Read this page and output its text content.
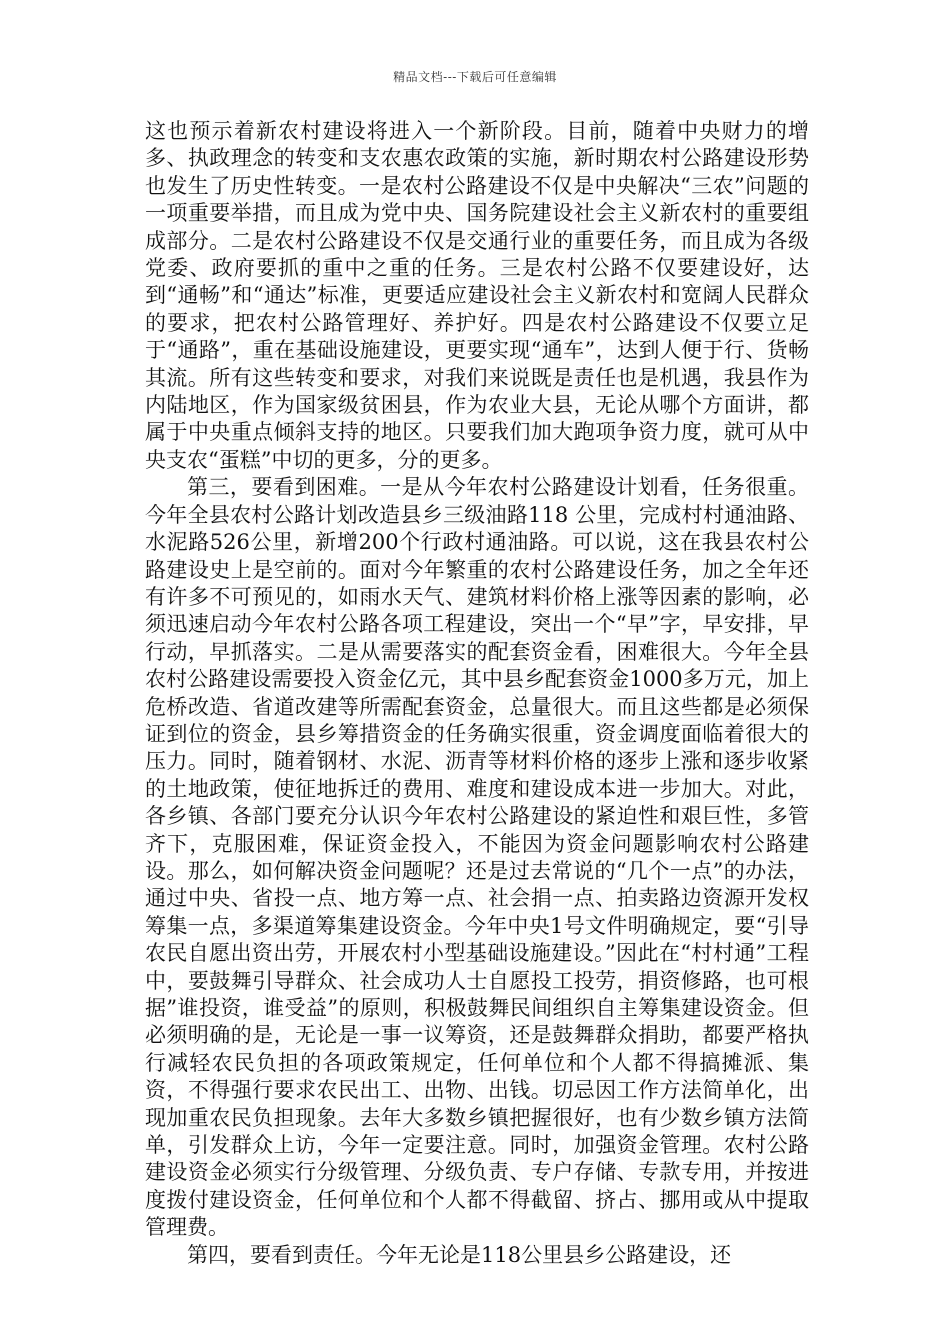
精品文档---下载后可任意编辑

这也预示着新农村建设将进入一个新阶段。目前，随着中央财力的增多、执政理念的转变和支农惠农政策的实施，新时期农村公路建设形势也发生了历史性转变。一是农村公路建设不仅是中央解决“三农”问题的一项重要举措，而且成为党中央、国务院建设社会主义新农村的重要组成部分。二是农村公路建设不仅是交通行业的重要任务，而且成为各级党委、政府要抓的重中之重的任务。三是农村公路不仅要建设好，达到“通畅”和“通达”标准，更要适应建设社会主义新农村和宽阔人民群众的要求，把农村公路管理好、养护好。四是农村公路建设不仅要立足于“通路”，重在基础设施建设，更要实现“通车”，达到人便于行、货畅其流。所有这些转变和要求，对我们来说既是责任也是机遇，我县作为内陆地区，作为国家级贫困县，作为农业大县，无论从哪个方面讲，都属于中央重点倾斜支持的地区。只要我们加大跑项争资力度，就可从中央支农“蛋糕”中切的更多，分的更多。

第三，要看到困难。一是从今年农村公路建设计划看，任务很重。今年全县农村公路计划改造县乡三级油路118 公里，完成村村通油路、水泥路526公里，新增200个行政村通油路。可以说，这在我县农村公路建设史上是空前的。面对今年繁重的农村公路建设任务，加之全年还有许多不可预见的，如雨水天气、建筑材料价格上涨等因素的影响，必须迅速启动今年农村公路各项工程建设，突出一个“早”字，早安排，早行动，早抓落实。二是从需要落实的配套资金看，困难很大。今年全县农村公路建设需要投入资金亿元，其中县乡配套资金1000多万元，加上危桥改造、省道改建等所需配套资金，总量很大。而且这些都是必须保证到位的资金，县乡筹措资金的任务确实很重，资金调度面临着很大的压力。同时，随着钢材、水泥、沥青等材料价格的逐步上涨和逐步收紧的土地政策，使征地拆迁的费用、难度和建设成本进一步加大。对此，各乡镇、各部门要充分认识今年农村公路建设的紧迫性和艰巨性，多管齐下，克服困难，保证资金投入，不能因为资金问题影响农村公路建设。那么，如何解决资金问题呢？还是过去常说的“几个一点”的办法，通过中央、省投一点、地方筹一点、社会捐一点、拍卖路边资源开发权筹集一点，多渠道筹集建设资金。今年中央1号文件明确规定，要“引导农民自愿出资出劳，开展农村小型基础设施建设。”因此在“村村通”工程中，要鼓舞引导群众、社会成功人士自愿投工投劳，捐资修路，也可根据”谁投资，谁受益”的原则，积极鼓舞民间组织自主筹集建设资金。但必须明确的是，无论是一事一议筹资，还是鼓舞群众捐助，都要严格执行减轻农民负担的各项政策规定，任何单位和个人都不得搞摊派、集资，不得强行要求农民出工、出物、出钱。切忌因工作方法简单化，出现加重农民负担现象。去年大多数乡镇把握很好，也有少数乡镇方法简单，引发群众上访，今年一定要注意。同时，加强资金管理。农村公路建设资金必须实行分级管理、分级负责、专户存储、专款专用，并按进度拨付建设资金，任何单位和个人都不得截留、挤占、挪用或从中提取管理费。

第四，要看到责任。今年无论是118公里县乡公路建设，还
